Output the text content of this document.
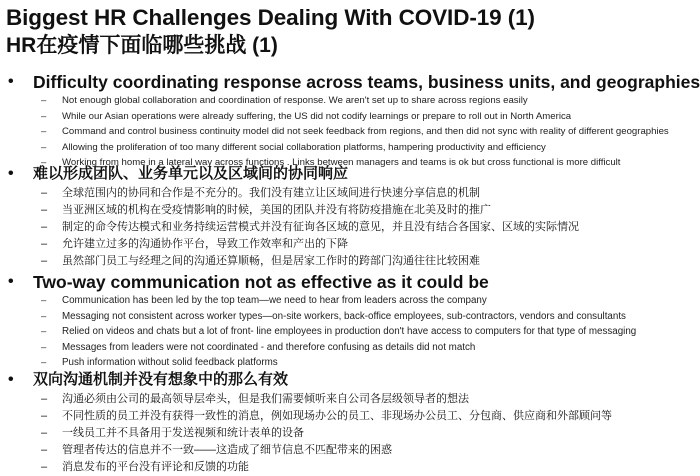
Biggest HR Challenges Dealing With COVID-19 (1)
HR在疫情下面临哪些挑战 (1)
• Difficulty coordinating response across teams, business units, and geographies
– Not enough global collaboration and coordination of response. We aren't set up to share across regions easily
– While our Asian operations were already suffering, the US did not codify learnings or prepare to roll out in North America
– Command and control business continuity model did not seek feedback from regions, and then did not sync with reality of different geographies
– Allowing the proliferation of too many different social collaboration platforms, hampering productivity and efficiency
– Working from home in a lateral way across functions . Links between managers and teams is ok but cross functional is more difficult
• 难以形成团队、业务单元以及区域间的协同响应
– 全球范围内的协同和合作是不充分的。我们没有建立让区域间进行快速分享信息的机制
– 当亚洲区域的机构在受疫情影响的时候，美国的团队并没有将防疫措施在北美及时的推广
– 制定的命令传达模式和业务持续运营模式并没有征询各区域的意见，并且没有结合各国家、区域的实际情况
– 允许建立过多的沟通协作平台，导致工作效率和产出的下降
– 虽然部门员工与经理之间的沟通还算顺畅，但是居家工作时的跨部门沟通往往比较困难
• Two-way communication not as effective as it could be
– Communication has been led by the top team—we need to hear from leaders across the company
– Messaging not consistent across worker types—on-site workers, back-office employees, sub-contractors, vendors and consultants
– Relied on videos and chats but a lot of front- line employees in production don't have access to computers for that type of messaging
– Messages from leaders were not coordinated - and therefore confusing as details did not match
– Push information without solid feedback platforms
• 双向沟通机制并没有想象中的那么有效
– 沟通必须由公司的最高领导层牵头，但是我们需要倾听来自公司各层级领导者的想法
– 不同性质的员工并没有获得一致性的消息，例如现场办公的员工、非现场办公员工、分包商、供应商和外部顾问等
– 一线员工并不具备用于发送视频和统计表单的设备
– 管理者传达的信息并不一致——这造成了细节信息不匹配带来的困惑
– 消息发布的平台没有评论和反馈的功能
